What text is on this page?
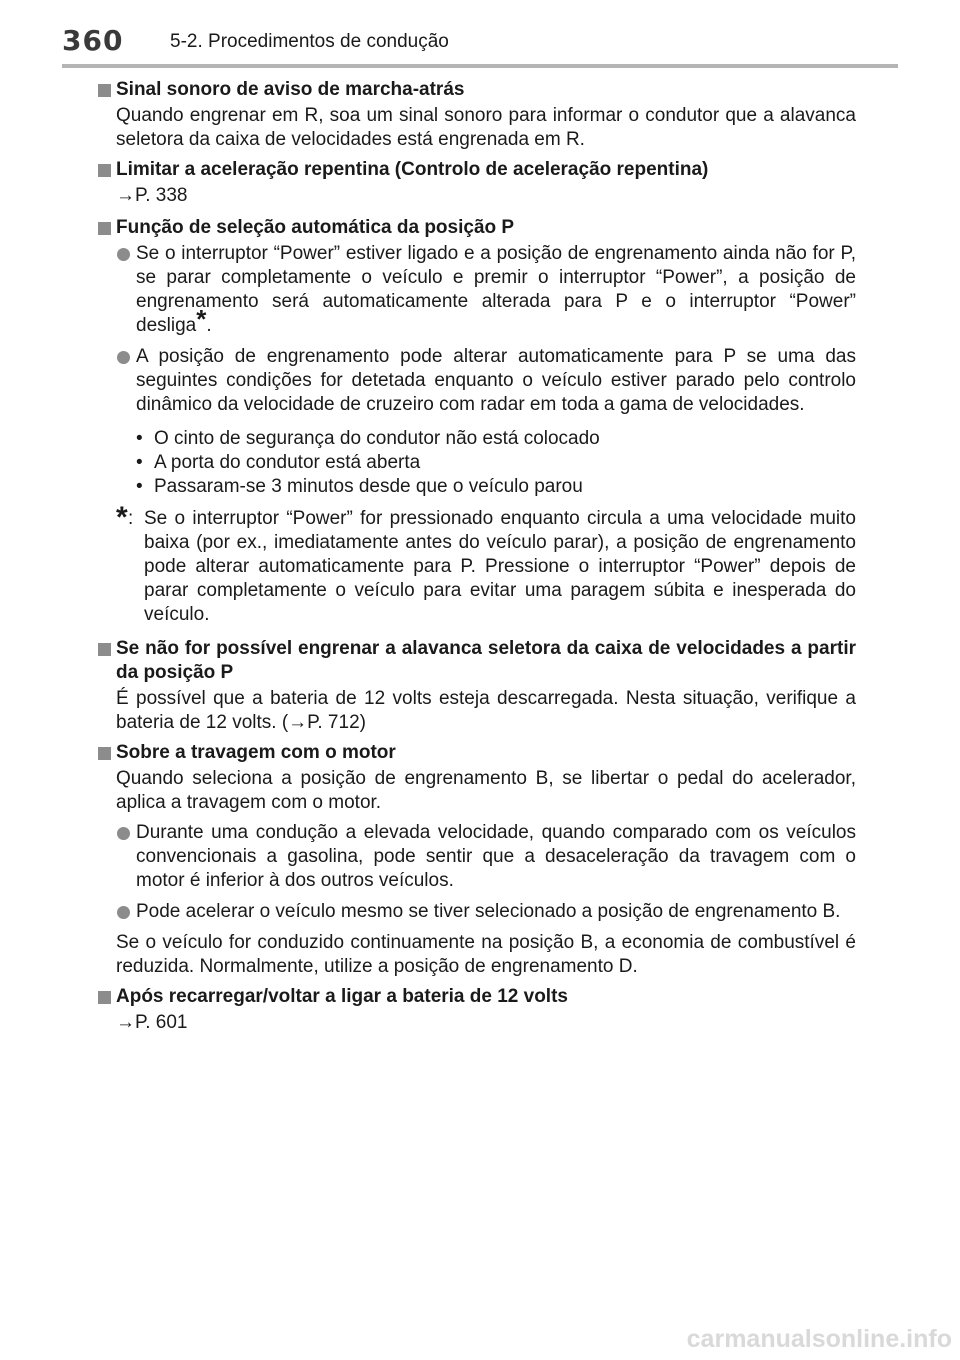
360 5-2. Procedimentos de condução
Sinal sonoro de aviso de marcha-atrás
Quando engrenar em R, soa um sinal sonoro para informar o condutor que a alavanca seletora da caixa de velocidades está engrenada em R.
Limitar a aceleração repentina (Controlo de aceleração repentina)
→P. 338
Função de seleção automática da posição P
Se o interruptor “Power” estiver ligado e a posição de engrenamento ainda não for P, se parar completamente o veículo e premir o interruptor “Power”, a posição de engrenamento será automaticamente alterada para P e o interruptor “Power” desliga*.
A posição de engrenamento pode alterar automaticamente para P se uma das seguintes condições for detetada enquanto o veículo estiver parado pelo controlo dinâmico da velocidade de cruzeiro com radar em toda a gama de velocidades.
• O cinto de segurança do condutor não está colocado
• A porta do condutor está aberta
• Passaram-se 3 minutos desde que o veículo parou
* : Se o interruptor “Power” for pressionado enquanto circula a uma velocidade muito baixa (por ex., imediatamente antes do veículo parar), a posição de engrenamento pode alterar automaticamente para P. Pressione o interruptor “Power” depois de parar completamente o veículo para evitar uma paragem súbita e inesperada do veículo.
Se não for possível engrenar a alavanca seletora da caixa de velocidades a partir da posição P
É possível que a bateria de 12 volts esteja descarregada. Nesta situação, verifique a bateria de 12 volts. (→P. 712)
Sobre a travagem com o motor
Quando seleciona a posição de engrenamento B, se libertar o pedal do acelerador, aplica a travagem com o motor.
Durante uma condução a elevada velocidade, quando comparado com os veículos convencionais a gasolina, pode sentir que a desaceleração da travagem com o motor é inferior à dos outros veículos.
Pode acelerar o veículo mesmo se tiver selecionado a posição de engrenamento B.
Se o veículo for conduzido continuamente na posição B, a economia de combustível é reduzida. Normalmente, utilize a posição de engrenamento D.
Após recarregar/voltar a ligar a bateria de 12 volts
→P. 601
carmanualsonline.info
